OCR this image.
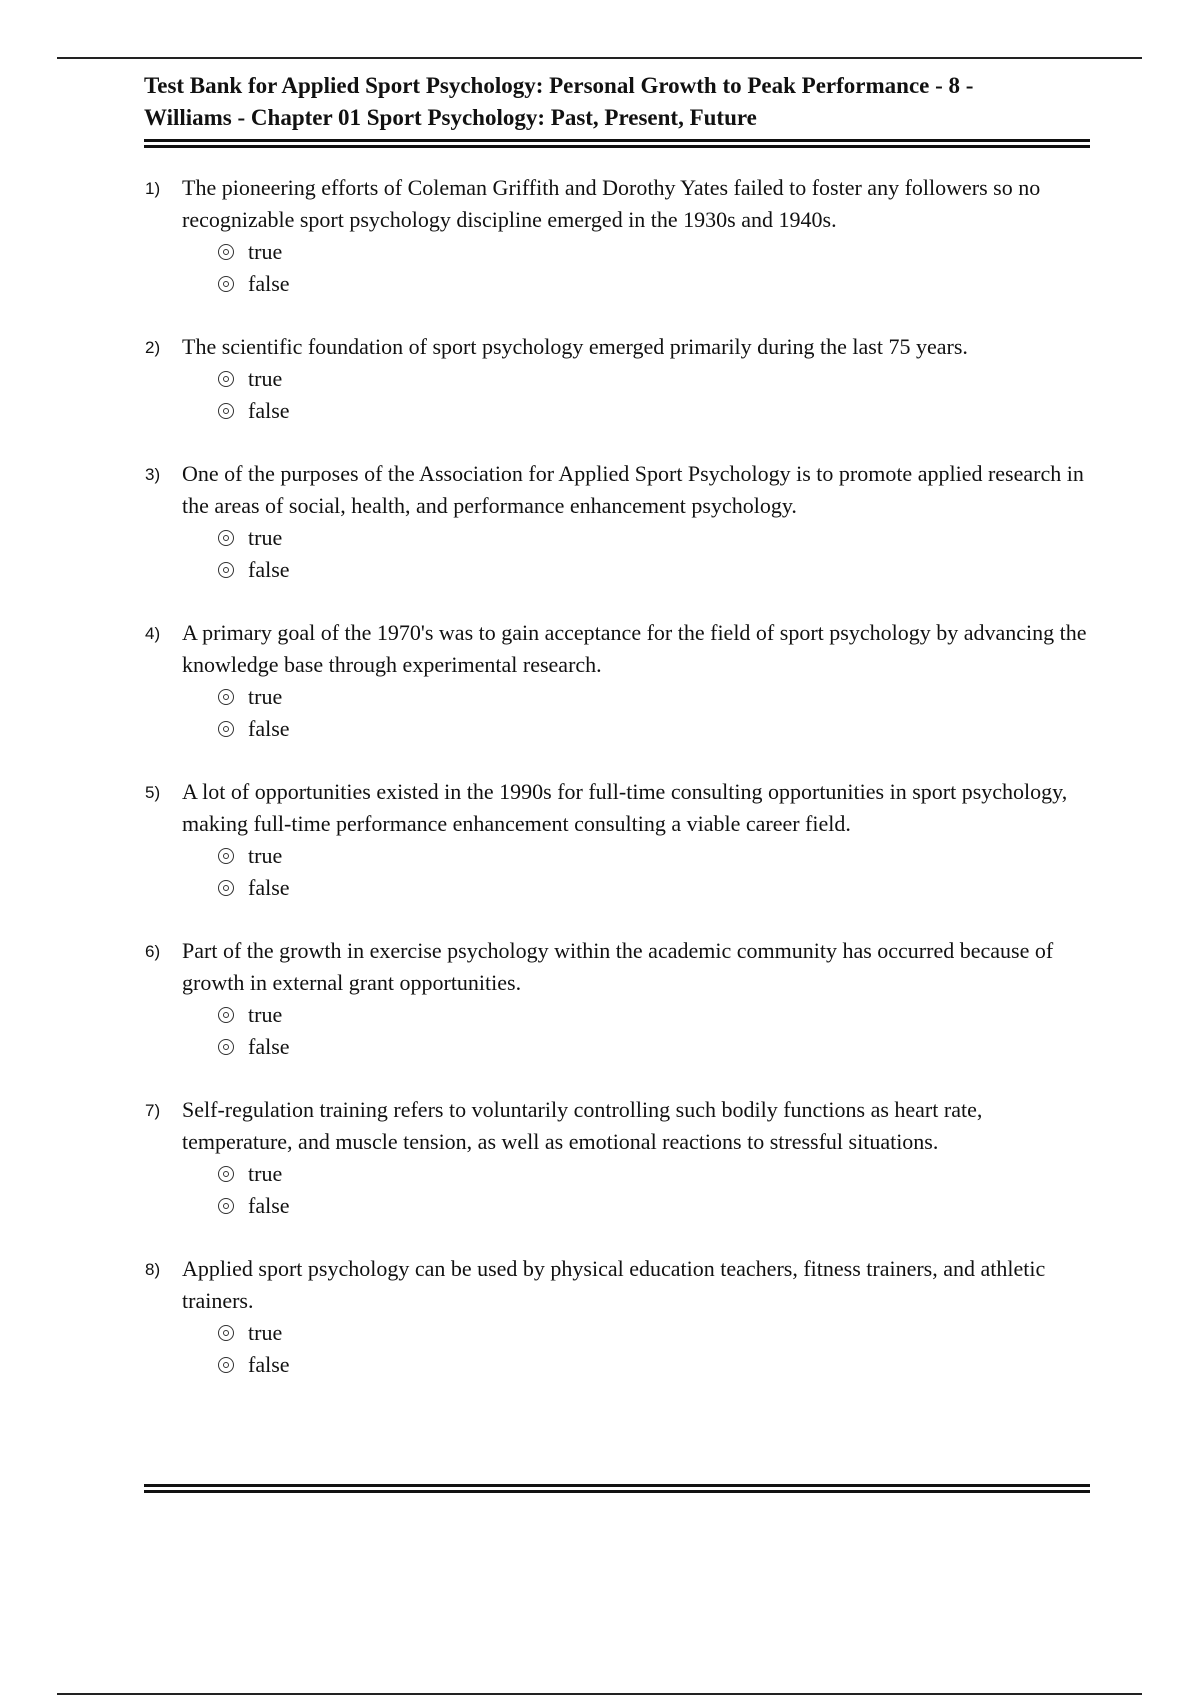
Test Bank for Applied Sport Psychology: Personal Growth to Peak Performance - 8 -
Williams - Chapter 01 Sport Psychology: Past, Present, Future
1) The pioneering efforts of Coleman Griffith and Dorothy Yates failed to foster any followers so no recognizable sport psychology discipline emerged in the 1930s and 1940s.

true
false
2) The scientific foundation of sport psychology emerged primarily during the last 75 years.

true
false
3) One of the purposes of the Association for Applied Sport Psychology is to promote applied research in the areas of social, health, and performance enhancement psychology.

true
false
4) A primary goal of the 1970's was to gain acceptance for the field of sport psychology by advancing the knowledge base through experimental research.

true
false
5) A lot of opportunities existed in the 1990s for full-time consulting opportunities in sport psychology, making full-time performance enhancement consulting a viable career field.

true
false
6) Part of the growth in exercise psychology within the academic community has occurred because of growth in external grant opportunities.

true
false
7) Self-regulation training refers to voluntarily controlling such bodily functions as heart rate, temperature, and muscle tension, as well as emotional reactions to stressful situations.

true
false
8) Applied sport psychology can be used by physical education teachers, fitness trainers, and athletic trainers.

true
false
